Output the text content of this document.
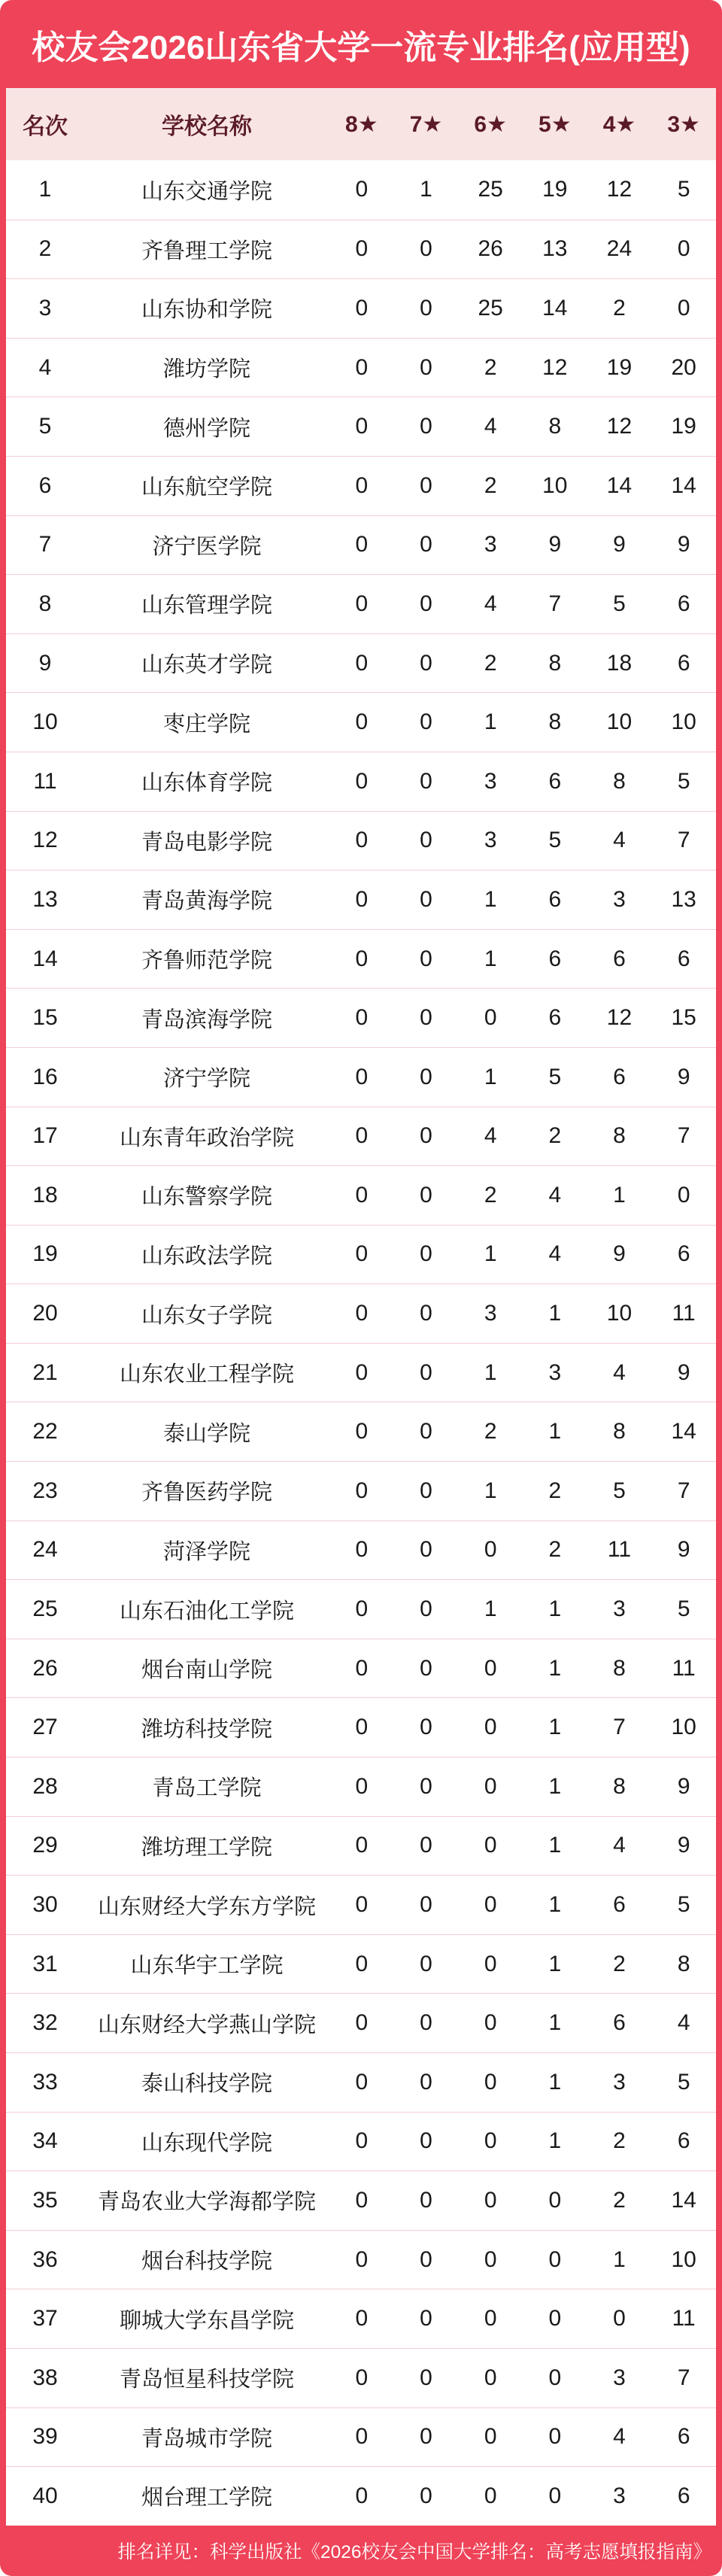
校友会2026山东省大学一流专业排名(应用型)
名次	学校名称	8★	7★	6★	5★	4★	3★
1	山东交通学院	0	1	25	19	12	5
2	齐鲁理工学院	0	0	26	13	24	0
3	山东协和学院	0	0	25	14	2	0
4	潍坊学院	0	0	2	12	19	20
5	德州学院	0	0	4	8	12	19
6	山东航空学院	0	0	2	10	14	14
7	济宁医学院	0	0	3	9	9	9
8	山东管理学院	0	0	4	7	5	6
9	山东英才学院	0	0	2	8	18	6
10	枣庄学院	0	0	1	8	10	10
11	山东体育学院	0	0	3	6	8	5
12	青岛电影学院	0	0	3	5	4	7
13	青岛黄海学院	0	0	1	6	3	13
14	齐鲁师范学院	0	0	1	6	6	6
15	青岛滨海学院	0	0	0	6	12	15
16	济宁学院	0	0	1	5	6	9
17	山东青年政治学院	0	0	4	2	8	7
18	山东警察学院	0	0	2	4	1	0
19	山东政法学院	0	0	1	4	9	6
20	山东女子学院	0	0	3	1	10	11
21	山东农业工程学院	0	0	1	3	4	9
22	泰山学院	0	0	2	1	8	14
23	齐鲁医药学院	0	0	1	2	5	7
24	菏泽学院	0	0	0	2	11	9
25	山东石油化工学院	0	0	1	1	3	5
26	烟台南山学院	0	0	0	1	8	11
27	潍坊科技学院	0	0	0	1	7	10
28	青岛工学院	0	0	0	1	8	9
29	潍坊理工学院	0	0	0	1	4	9
30	山东财经大学东方学院	0	0	0	1	6	5
31	山东华宇工学院	0	0	0	1	2	8
32	山东财经大学燕山学院	0	0	0	1	6	4
33	泰山科技学院	0	0	0	1	3	5
34	山东现代学院	0	0	0	1	2	6
35	青岛农业大学海都学院	0	0	0	0	2	14
36	烟台科技学院	0	0	0	0	1	10
37	聊城大学东昌学院	0	0	0	0	0	11
38	青岛恒星科技学院	0	0	0	0	3	7
39	青岛城市学院	0	0	0	0	4	6
40	烟台理工学院	0	0	0	0	3	6
排名详见：科学出版社《2026校友会中国大学排名：高考志愿填报指南》
